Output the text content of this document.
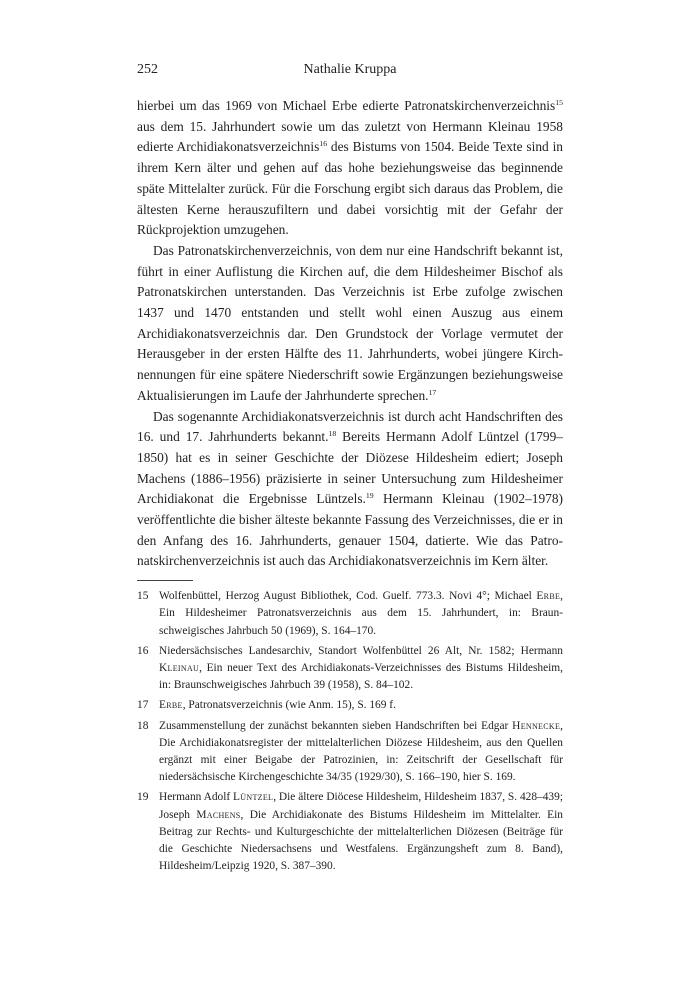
252	Nathalie Kruppa

hierbei um das 1969 von Michael Erbe edierte Patronatskirchenverzeichnis$^{15}$ aus dem 15. Jahrhundert sowie um das zuletzt von Hermann Kleinau 1958 edierte Archidiakonatsverzeichnis$^{16}$ des Bistums von 1504. Beide Texte sind in ihrem Kern älter und gehen auf das hohe beziehungsweise das beginnende späte Mittelalter zurück. Für die Forschung ergibt sich daraus das Problem, die ältesten Kerne herauszufiltern und dabei vorsichtig mit der Gefahr der Rückprojektion umzugehen.

Das Patronatskirchenverzeichnis, von dem nur eine Handschrift bekannt ist, führt in einer Auflistung die Kirchen auf, die dem Hildesheimer Bischof als Patronatskirchen unterstanden. Das Verzeichnis ist Erbe zufolge zwischen 1437 und 1470 entstanden und stellt wohl einen Auszug aus einem Archidiakonatsverzeichnis dar. Den Grundstock der Vorlage vermutet der Herausgeber in der ersten Hälfte des 11. Jahrhunderts, wobei jüngere Kirchnennungen für eine spätere Niederschrift sowie Ergänzungen beziehungsweise Aktualisierungen im Laufe der Jahrhunderte sprechen.$^{17}$

Das sogenannte Archidiakonatsverzeichnis ist durch acht Handschriften des 16. und 17. Jahrhunderts bekannt.$^{18}$ Bereits Hermann Adolf Lüntzel (1799–1850) hat es in seiner Geschichte der Diözese Hildesheim ediert; Joseph Machens (1886–1956) präzisierte in seiner Untersuchung zum Hildesheimer Archidiakonat die Ergebnisse Lüntzels.$^{19}$ Hermann Kleinau (1902–1978) veröffentlichte die bisher älteste bekannte Fassung des Verzeichnisses, die er in den Anfang des 16. Jahrhunderts, genauer 1504, datierte. Wie das Patronatskirchenverzeichnis ist auch das Archidiakonatsverzeichnis im Kern älter.

15 Wolfenbüttel, Herzog August Bibliothek, Cod. Guelf. 773.3. Novi 4°; Michael Erbe, Ein Hildesheimer Patronatsverzeichnis aus dem 15. Jahrhundert, in: Braunschweigisches Jahrbuch 50 (1969), S. 164–170.
16 Niedersächsisches Landesarchiv, Standort Wolfenbüttel 26 Alt, Nr. 1582; Hermann Kleinau, Ein neuer Text des Archidiakonats-Verzeichnisses des Bistums Hildesheim, in: Braunschweigisches Jahrbuch 39 (1958), S. 84–102.
17 Erbe, Patronatsverzeichnis (wie Anm. 15), S. 169 f.
18 Zusammenstellung der zunächst bekannten sieben Handschriften bei Edgar Hennecke, Die Archidiakonatsregister der mittelalterlichen Diözese Hildesheim, aus den Quellen ergänzt mit einer Beigabe der Patrozinien, in: Zeitschrift der Gesellschaft für niedersächsische Kirchengeschichte 34/35 (1929/30), S. 166–190, hier S. 169.
19 Hermann Adolf Lüntzel, Die ältere Diöcese Hildesheim, Hildesheim 1837, S. 428–439; Joseph Machens, Die Archidiakonate des Bistums Hildesheim im Mittelalter. Ein Beitrag zur Rechts- und Kulturgeschichte der mittelalterlichen Diözesen (Beiträge für die Geschichte Niedersachsens und Westfalens. Ergänzungsheft zum 8. Band), Hildesheim/Leipzig 1920, S. 387–390.
